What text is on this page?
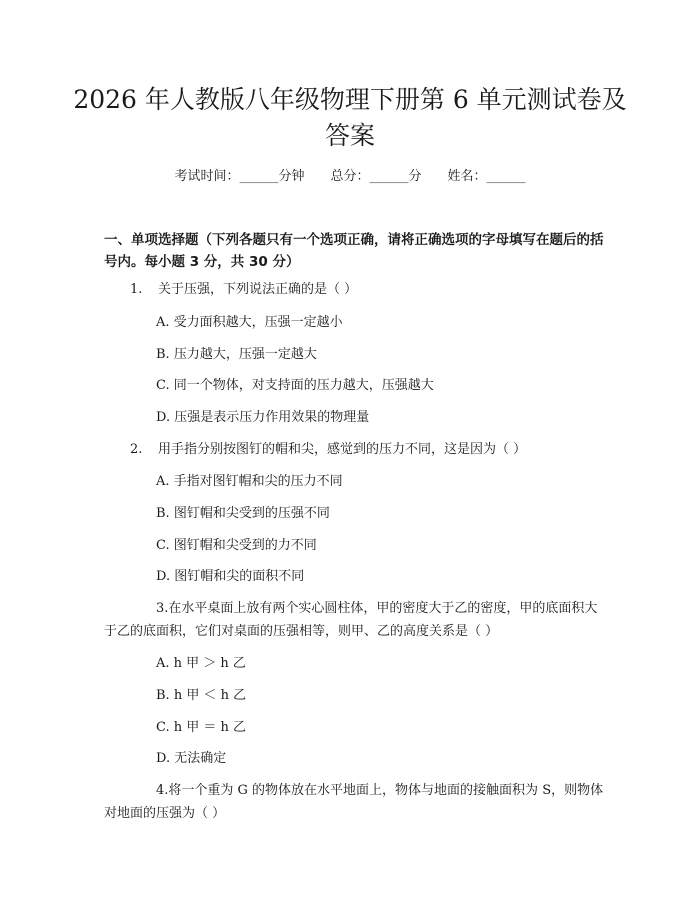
2026 年人教版八年级物理下册第 6 单元测试卷及答案
考试时间：______分钟 总分：______分 姓名：______

一、单项选择题（下列各题只有一个选项正确，请将正确选项的字母填写在题后的括号内。每小题 3 分，共 30 分）

1. 关于压强，下列说法正确的是（ ）
A. 受力面积越大，压强一定越小
B. 压力越大，压强一定越大
C. 同一个物体，对支持面的压力越大，压强越大
D. 压强是表示压力作用效果的物理量
2. 用手指分别按图钉的帽和尖，感觉到的压力不同，这是因为（ ）
A. 手指对图钉帽和尖的压力不同
B. 图钉帽和尖受到的压强不同
C. 图钉帽和尖受到的力不同
D. 图钉帽和尖的面积不同
3.在水平桌面上放有两个实心圆柱体，甲的密度大于乙的密度，甲的底面积大于乙的底面积，它们对桌面的压强相等，则甲、乙的高度关系是（ ）
A. h 甲 ＞ h 乙
B. h 甲 ＜ h 乙
C. h 甲 ＝ h 乙
D. 无法确定
4.将一个重为 G 的物体放在水平地面上，物体与地面的接触面积为 S，则物体对地面的压强为（ ）
